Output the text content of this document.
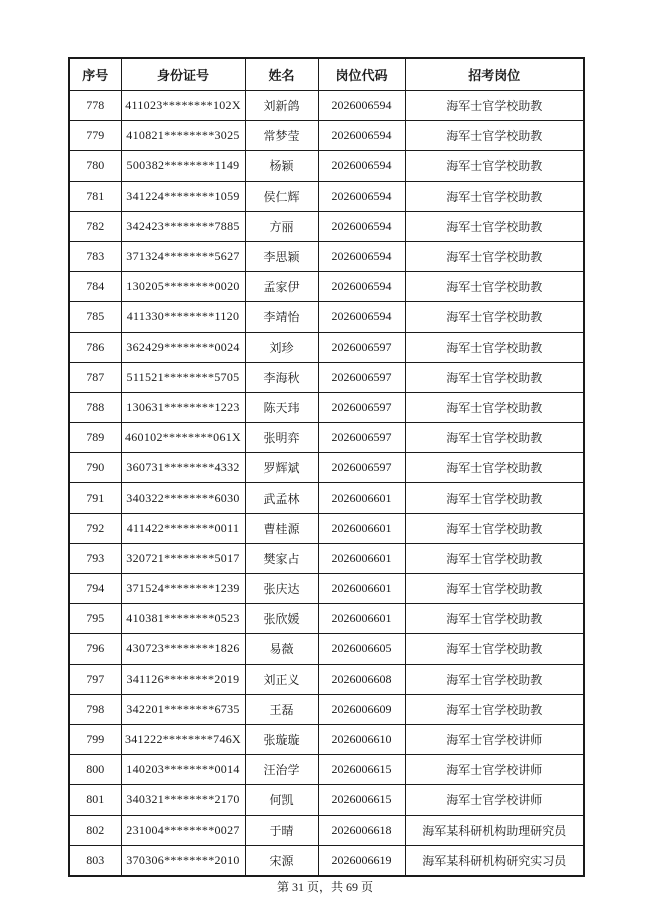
序号	身份证号	姓名	岗位代码	招考岗位
778	411023********102X	刘新鸽	2026006594	海军士官学校助教
779	410821********3025	常梦莹	2026006594	海军士官学校助教
780	500382********1149	杨颖	2026006594	海军士官学校助教
781	341224********1059	侯仁辉	2026006594	海军士官学校助教
782	342423********7885	方丽	2026006594	海军士官学校助教
783	371324********5627	李思颖	2026006594	海军士官学校助教
784	130205********0020	孟家伊	2026006594	海军士官学校助教
785	411330********1120	李靖怡	2026006594	海军士官学校助教
786	362429********0024	刘珍	2026006597	海军士官学校助教
787	511521********5705	李海秋	2026006597	海军士官学校助教
788	130631********1223	陈天玮	2026006597	海军士官学校助教
789	460102********061X	张明弈	2026006597	海军士官学校助教
790	360731********4332	罗辉斌	2026006597	海军士官学校助教
791	340322********6030	武孟林	2026006601	海军士官学校助教
792	411422********0011	曹桂源	2026006601	海军士官学校助教
793	320721********5017	樊家占	2026006601	海军士官学校助教
794	371524********1239	张庆达	2026006601	海军士官学校助教
795	410381********0523	张欣媛	2026006601	海军士官学校助教
796	430723********1826	易薇	2026006605	海军士官学校助教
797	341126********2019	刘正义	2026006608	海军士官学校助教
798	342201********6735	王磊	2026006609	海军士官学校助教
799	341222********746X	张璇璇	2026006610	海军士官学校讲师
800	140203********0014	汪治学	2026006615	海军士官学校讲师
801	340321********2170	何凯	2026006615	海军士官学校讲师
802	231004********0027	于晴	2026006618	海军某科研机构助理研究员
803	370306********2010	宋源	2026006619	海军某科研机构研究实习员
第 31 页，共 69 页
